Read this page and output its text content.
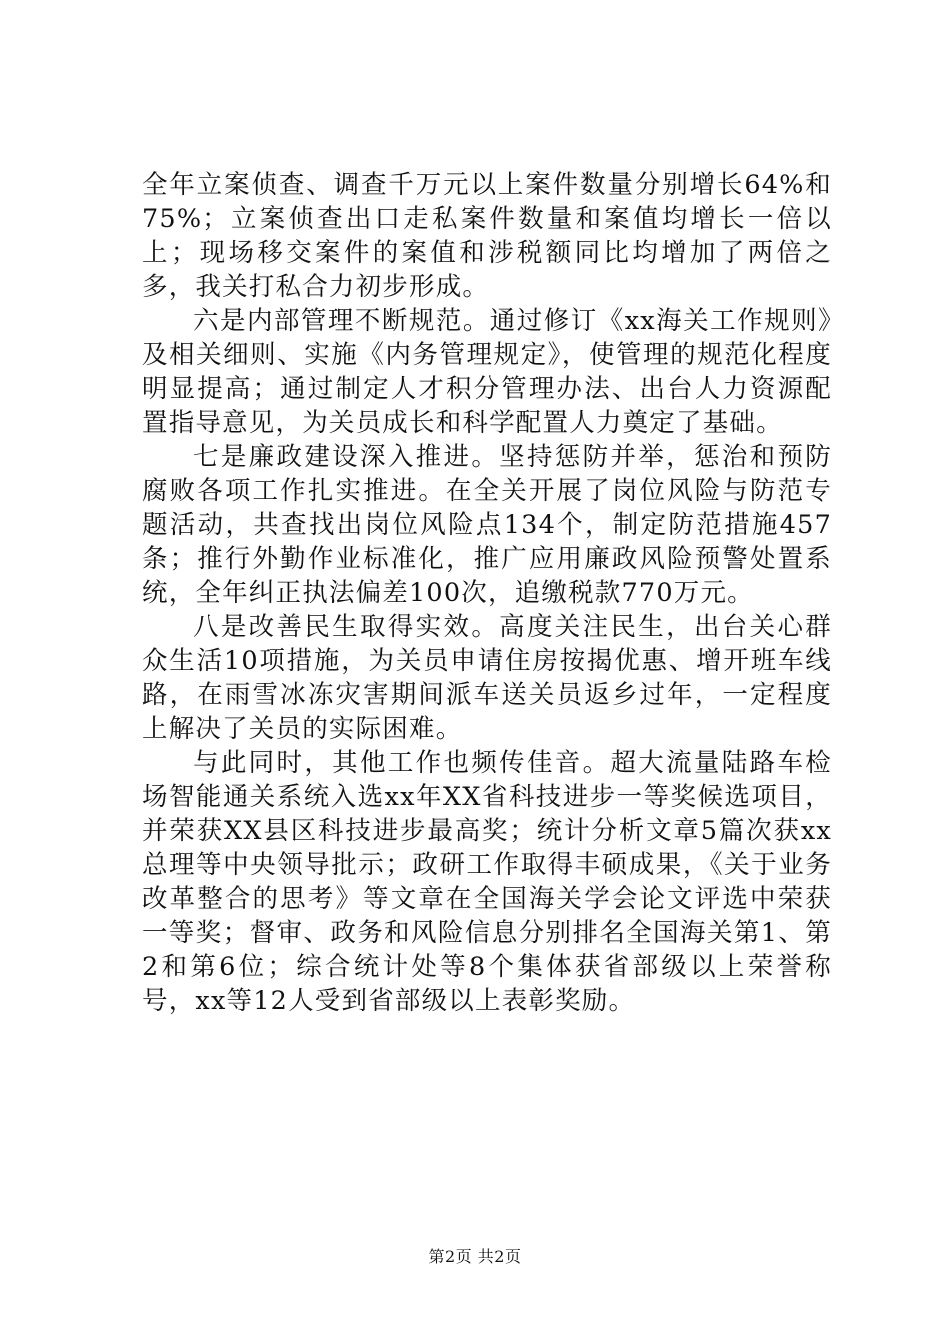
全年立案侦查、调查千万元以上案件数量分别增长64%和75%；立案侦查出口走私案件数量和案值均增长一倍以上；现场移交案件的案值和涉税额同比均增加了两倍之多，我关打私合力初步形成。

六是内部管理不断规范。通过修订《xx海关工作规则》及相关细则、实施《内务管理规定》，使管理的规范化程度明显提高；通过制定人才积分管理办法、出台人力资源配置指导意见，为关员成长和科学配置人力奠定了基础。

七是廉政建设深入推进。坚持惩防并举，惩治和预防腐败各项工作扎实推进。在全关开展了岗位风险与防范专题活动，共查找出岗位风险点134个，制定防范措施457条；推行外勤作业标准化，推广应用廉政风险预警处置系统，全年纠正执法偏差100次，追缴税款770万元。

八是改善民生取得实效。高度关注民生，出台关心群众生活10项措施，为关员申请住房按揭优惠、增开班车线路，在雨雪冰冻灾害期间派车送关员返乡过年，一定程度上解决了关员的实际困难。

与此同时，其他工作也频传佳音。超大流量陆路车检场智能通关系统入选xx年XX省科技进步一等奖候选项目，并荣获XX县区科技进步最高奖；统计分析文章5篇次获xx总理等中央领导批示；政研工作取得丰硕成果，《关于业务改革整合的思考》等文章在全国海关学会论文评选中荣获一等奖；督审、政务和风险信息分别排名全国海关第1、第2和第6位；综合统计处等8个集体获省部级以上荣誉称号，xx等12人受到省部级以上表彰奖励。

第2页 共2页
